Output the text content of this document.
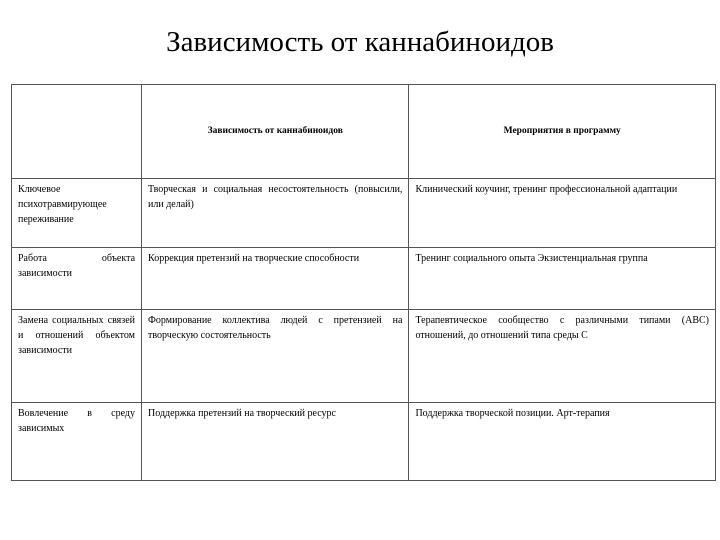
Зависимость от каннабиноидов
	Зависимость от каннабиноидов	Мероприятия в программу
Ключевое психотравмирующее переживание	Творческая и социальная несостоятельность (повысили, или делай)	Клинический коучинг, тренинг профессиональной адаптации
Работа объекта зависимости	Коррекция претензий на творческие способности	Тренинг социального опыта Экзистенциальная группа
Замена социальных связей и отношений объектом зависимости	Формирование коллектива людей с претензией на творческую состоятельность	Терапевтическое сообщество с различными типами (АВС) отношений, до отношений типа среды С
Вовлечение в среду зависимых	Поддержка претензий на творческий ресурс	Поддержка творческой позиции. Арт-терапия
